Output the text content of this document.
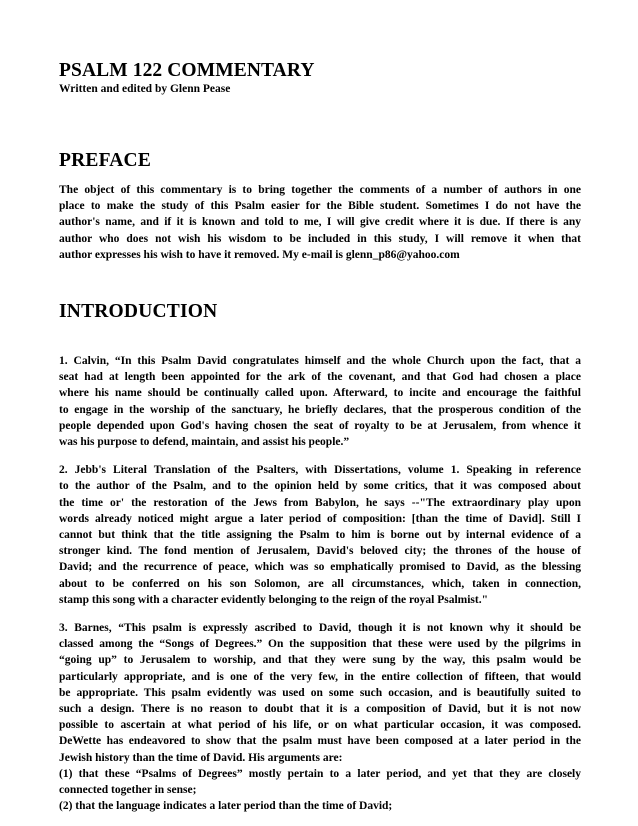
PSALM 122 COMMENTARY

Written and edited by Glenn Pease

PREFACE

The object of this commentary is to bring together the comments of a number of authors in one
place to make the study of this Psalm easier for the Bible student. Sometimes I do not have the
author's name, and if it is known and told to me, I will give credit where it is due. If there is any
author who does not wish his wisdom to be included in this study, I will remove it when that
author expresses his wish to have it removed. My e-mail is glenn_p86@yahoo.com

INTRODUCTION

1. Calvin, “In this Psalm David congratulates himself and the whole Church upon the fact, that a
seat had at length been appointed for the ark of the covenant, and that God had chosen a place
where his name should be continually called upon. Afterward, to incite and encourage the faithful
to engage in the worship of the sanctuary, he briefly declares, that the prosperous condition of the
people depended upon God's having chosen the seat of royalty to be at Jerusalem, from whence it
was his purpose to defend, maintain, and assist his people.”

2. Jebb's Literal Translation of the Psalters, with Dissertations, volume 1. Speaking in reference
to the author of the Psalm, and to the opinion held by some critics, that it was composed about
the time or' the restoration of the Jews from Babylon, he says --"The extraordinary play upon
words already noticed might argue a later period of composition: [than the time of David]. Still I
cannot but think that the title assigning the Psalm to him is borne out by internal evidence of a
stronger kind. The fond mention of Jerusalem, David's beloved city; the thrones of the house of
David; and the recurrence of peace, which was so emphatically promised to David, as the blessing
about to be conferred on his son Solomon, are all circumstances, which, taken in connection,
stamp this song with a character evidently belonging to the reign of the royal Psalmist."

3. Barnes, “This psalm is expressly ascribed to David, though it is not known why it should be
classed among the “Songs of Degrees.” On the supposition that these were used by the pilgrims in
“going up” to Jerusalem to worship, and that they were sung by the way, this psalm would be
particularly appropriate, and is one of the very few, in the entire collection of fifteen, that would
be appropriate. This psalm evidently was used on some such occasion, and is beautifully suited to
such a design. There is no reason to doubt that it is a composition of David, but it is not now
possible to ascertain at what period of his life, or on what particular occasion, it was composed.
DeWette has endeavored to show that the psalm must have been composed at a later period in the
Jewish history than the time of David. His arguments are:
(1) that these “Psalms of Degrees” mostly pertain to a later period, and yet that they are closely
connected together in sense;
(2) that the language indicates a later period than the time of David;
